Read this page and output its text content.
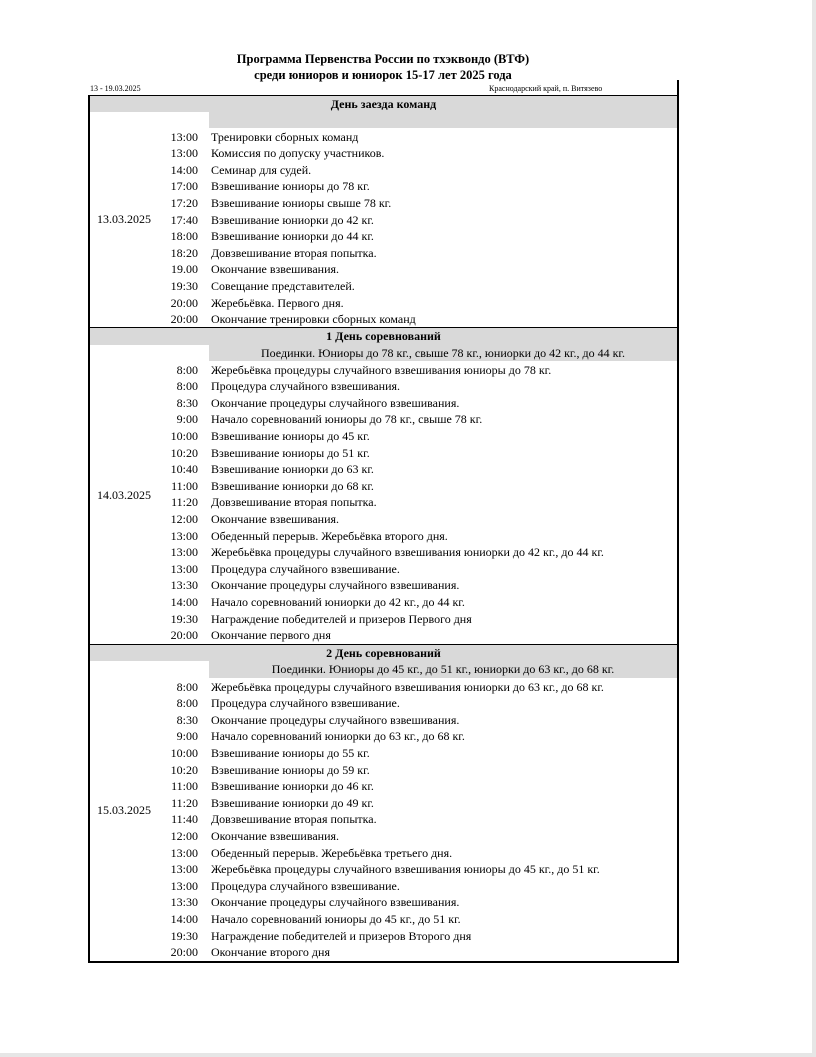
Программа Первенства России по тхэквондо (ВТФ)
среди юниоров и юниорок 15-17 лет 2025 года
13 - 19.03.2025	Краснодарский край, п. Витязево
День заезда команд
13:00 Тренировки сборных команд
13:00 Комиссия по допуску участников.
14:00 Семинар для судей.
17:00 Взвешивание юниоры до 78 кг.
17:20 Взвешивание юниоры свыше 78 кг.
17:40 Взвешивание юниорки до 42 кг.
18:00 Взвешивание юниорки до 44 кг.
18:20 Довзвешивание вторая попытка.
19.00 Окончание взвешивания.
19:30 Совещание представителей.
20:00 Жеребьёвка. Первого дня.
20:00 Окончание тренировки сборных команд
13.03.2025
1 День соревнований
Поединки. Юниоры до 78 кг., свыше 78 кг., юниорки до 42 кг., до 44 кг.
8:00 Жеребьёвка процедуры случайного взвешивания юниоры до 78 кг.
8:00 Процедура случайного взвешивания.
8:30 Окончание процедуры случайного взвешивания.
9:00 Начало соревнований юниоры до 78 кг., свыше 78 кг.
10:00 Взвешивание юниоры до 45 кг.
10:20 Взвешивание юниоры до 51 кг.
10:40 Взвешивание юниорки до 63 кг.
11:00 Взвешивание юниорки до 68 кг.
11:20 Довзвешивание вторая попытка.
12:00 Окончание взвешивания.
13:00 Обеденный перерыв. Жеребьёвка второго дня.
13:00 Жеребьёвка процедуры случайного взвешивания юниорки до 42 кг., до 44 кг.
13:00 Процедура случайного взвешивание.
13:30 Окончание процедуры случайного взвешивания.
14:00 Начало соревнований юниорки до 42 кг., до 44 кг.
19:30 Награждение победителей и призеров Первого дня
20:00 Окончание первого дня
14.03.2025
2 День соревнований
Поединки. Юниоры до 45 кг., до 51 кг., юниорки до 63 кг., до 68 кг.
8:00 Жеребьёвка процедуры случайного взвешивания юниорки до 63 кг., до 68 кг.
8:00 Процедура случайного взвешивание.
8:30 Окончание процедуры случайного взвешивания.
9:00 Начало соревнований юниорки до 63 кг., до 68 кг.
10:00 Взвешивание юниоры до 55 кг.
10:20 Взвешивание юниоры до 59 кг.
11:00 Взвешивание юниорки до 46 кг.
11:20 Взвешивание юниорки до 49 кг.
11:40 Довзвешивание вторая попытка.
12:00 Окончание взвешивания.
13:00 Обеденный перерыв. Жеребьёвка третьего дня.
13:00 Жеребьёвка процедуры случайного взвешивания юниоры до 45 кг., до 51 кг.
13:00 Процедура случайного взвешивание.
13:30 Окончание процедуры случайного взвешивания.
14:00 Начало соревнований юниоры до 45 кг., до 51 кг.
19:30 Награждение победителей и призеров Второго дня
20:00 Окончание второго дня
15.03.2025
